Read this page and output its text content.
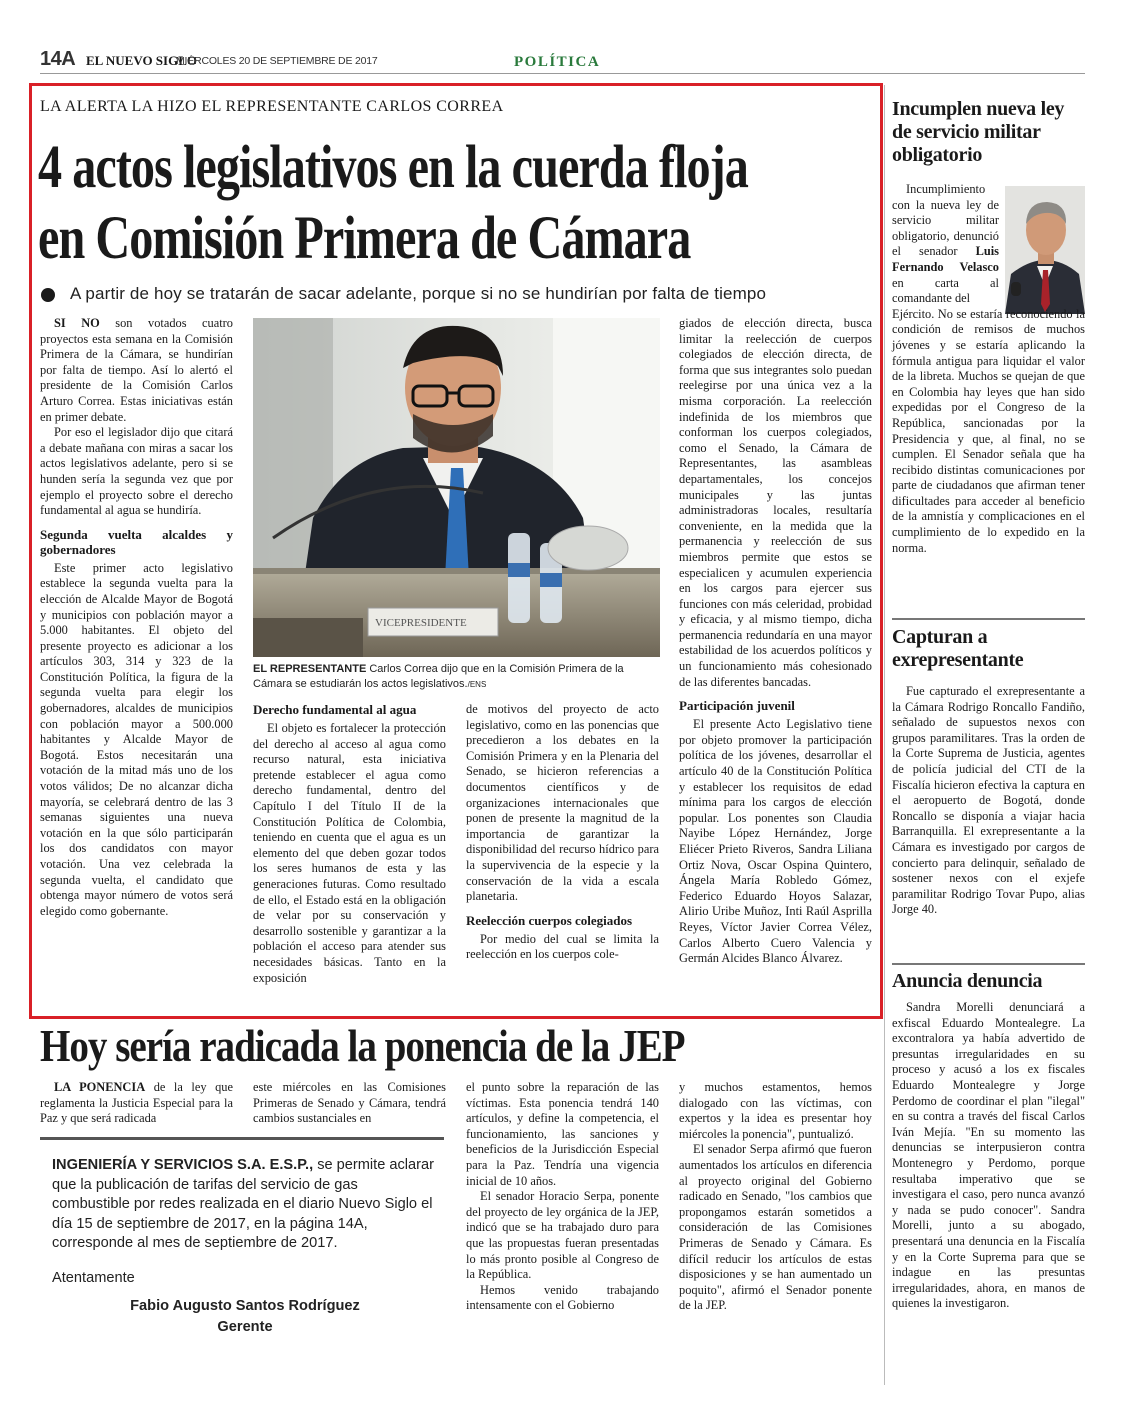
14A EL NUEVO SIGLO
MIÉRCOLES 20 DE SEPTIEMBRE DE 2017	POLÍTICA
LA ALERTA LA HIZO EL REPRESENTANTE CARLOS CORREA
4 actos legislativos en la cuerda floja
en Comisión Primera de Cámara
A partir de hoy se tratarán de sacar adelante, porque si no se hundirían por falta de tiempo

SI NO son votados cuatro proyectos esta semana en la Comisión Primera de la Cámara, se hundirían por falta de tiempo. Así lo alertó el presidente de la Comisión Carlos Arturo Correa. Estas iniciativas están en primer debate.

Por eso el legislador dijo que citará a debate mañana con miras a sacar los actos legislativos adelante, pero si se hunden sería la segunda vez que por ejemplo el proyecto sobre el derecho fundamental al agua se hundiría.

Segunda vuelta alcaldes y gobernadores

Este primer acto legislativo establece la segunda vuelta para la elección de Alcalde Mayor de Bogotá y municipios con población mayor a 5.000 habitantes. El objeto del presente proyecto es adicionar a los artículos 303, 314 y 323 de la Constitución Política, la figura de la segunda vuelta para elegir los gobernadores, alcaldes de municipios con población mayor a 500.000 habitantes y Alcalde Mayor de Bogotá. Estos necesitarán una votación de la mitad más uno de los votos válidos; De no alcanzar dicha mayoría, se celebrará dentro de las 3 semanas siguientes una nueva votación en la que sólo participarán los dos candidatos con mayor votación. Una vez celebrada la segunda vuelta, el candidato que obtenga mayor número de votos será elegido como gobernante.

VICEPRESIDENTE
EL REPRESENTANTE Carlos Correa dijo que en la Comisión Primera de la Cámara se estudiarán los actos legislativos./ENS
Derecho fundamental al agua

El objeto es fortalecer la protección del derecho al acceso al agua como recurso natural, esta iniciativa pretende establecer el agua como derecho fundamental, dentro del Capítulo I del Título II de la Constitución Política de Colombia, teniendo en cuenta que el agua es un elemento del que deben gozar todos los seres humanos de esta y las generaciones futuras. Como resultado de ello, el Estado está en la obligación de velar por su conservación y desarrollo sostenible y garantizar a la población el acceso para atender sus necesidades básicas. Tanto en la exposición

de motivos del proyecto de acto legislativo, como en las ponencias que precedieron a los debates en la Comisión Primera y en la Plenaria del Senado, se hicieron referencias a documentos científicos y de organizaciones internacionales que ponen de presente la magnitud de la importancia de garantizar la disponibilidad del recurso hídrico para la supervivencia de la especie y la conservación de la vida a escala planetaria.

Reelección cuerpos colegiados

Por medio del cual se limita la reelección en los cuerpos cole-

giados de elección directa, busca limitar la reelección de cuerpos colegiados de elección directa, de forma que sus integrantes solo puedan reelegirse por una única vez a la misma corporación. La reelección indefinida de los miembros que conforman los cuerpos colegiados, como el Senado, la Cámara de Representantes, las asambleas departamentales, los concejos municipales y las juntas administradoras locales, resultaría conveniente, en la medida que la permanencia y reelección de sus miembros permite que estos se especialicen y acumulen experiencia en los cargos para ejercer sus funciones con más celeridad, probidad y eficacia, y al mismo tiempo, dicha permanencia redundaría en una mayor estabilidad de los acuerdos políticos y un funcionamiento más cohesionado de las diferentes bancadas.

Participación juvenil

El presente Acto Legislativo tiene por objeto promover la participación política de los jóvenes, desarrollar el artículo 40 de la Constitución Política y establecer los requisitos de edad mínima para los cargos de elección popular. Los ponentes son Claudia Nayibe López Hernández, Jorge Eliécer Prieto Riveros, Sandra Liliana Ortiz Nova, Oscar Ospina Quintero, Ángela María Robledo Gómez, Federico Eduardo Hoyos Salazar, Alirio Uribe Muñoz, Inti Raúl Asprilla Reyes, Víctor Javier Correa Vélez, Carlos Alberto Cuero Valencia y Germán Alcides Blanco Álvarez.

Incumplen nueva ley de servicio militar obligatorio

Incumplimiento con la nueva ley de servicio militar obligatorio, denunció el senador Luis Fernando Velasco en carta al comandante del

Ejército. No se estaría reconociendo la condición de remisos de muchos jóvenes y se estaría aplicando la fórmula antigua para liquidar el valor de la libreta. Muchos se quejan de que en Colombia hay leyes que han sido expedidas por el Congreso de la República, sancionadas por la Presidencia y que, al final, no se cumplen. El Senador señala que ha recibido distintas comunicaciones por parte de ciudadanos que afirman tener dificultades para acceder al beneficio de la amnistía y complicaciones en el cumplimiento de lo expedido en la norma.

Capturan a exrepresentante

Fue capturado el exrepresentante a la Cámara Rodrigo Roncallo Fandiño, señalado de supuestos nexos con grupos paramilitares. Tras la orden de la Corte Suprema de Justicia, agentes de policía judicial del CTI de la Fiscalía hicieron efectiva la captura en el aeropuerto de Bogotá, donde Roncallo se disponía a viajar hacia Barranquilla. El exrepresentante a la Cámara es investigado por cargos de concierto para delinquir, señalado de sostener nexos con el exjefe paramilitar Rodrigo Tovar Pupo, alias Jorge 40.

Anuncia denuncia

Sandra Morelli denunciará a exfiscal Eduardo Montealegre. La excontralora ya había advertido de presuntas irregularidades en su proceso y acusó a los ex fiscales Eduardo Montealegre y Jorge Perdomo de coordinar el plan "ilegal" en su contra a través del fiscal Carlos Iván Mejía. "En su momento las denuncias se interpusieron contra Montenegro y Perdomo, porque resultaba imperativo que se investigara el caso, pero nunca avanzó y nada se pudo conocer". Sandra Morelli, junto a su abogado, presentará una denuncia en la Fiscalía y en la Corte Suprema para que se indague en las presuntas irregularidades, ahora, en manos de quienes la investigaron.

Hoy sería radicada la ponencia de la JEP

LA PONENCIA de la ley que reglamenta la Justicia Especial para la Paz y que será radicada

este miércoles en las Comisiones Primeras de Senado y Cámara, tendrá cambios sustanciales en

el punto sobre la reparación de las víctimas. Esta ponencia tendrá 140 artículos, y define la competencia, el funcionamiento, las sanciones y beneficios de la Jurisdicción Especial para la Paz. Tendría una vigencia inicial de 10 años.

El senador Horacio Serpa, ponente del proyecto de ley orgánica de la JEP, indicó que se ha trabajado duro para que las propuestas fueran presentadas lo más pronto posible al Congreso de la República.

Hemos venido trabajando intensamente con el Gobierno

y muchos estamentos, hemos dialogado con las víctimas, con expertos y la idea es presentar hoy miércoles la ponencia", puntualizó.

El senador Serpa afirmó que fueron aumentados los artículos en diferencia al proyecto original del Gobierno radicado en Senado, "los cambios que propongamos estarán sometidos a consideración de las Comisiones Primeras de Senado y Cámara. Es difícil reducir los artículos de estas disposiciones y se han aumentado un poquito", afirmó el Senador ponente de la JEP.

INGENIERÍA Y SERVICIOS S.A. E.S.P., se permite aclarar que la publicación de tarifas del servicio de gas combustible por redes realizada en el diario Nuevo Siglo el día 15 de septiembre de 2017, en la página 14A, corresponde al mes de septiembre de 2017.
Atentamente
Fabio Augusto Santos Rodríguez
Gerente
